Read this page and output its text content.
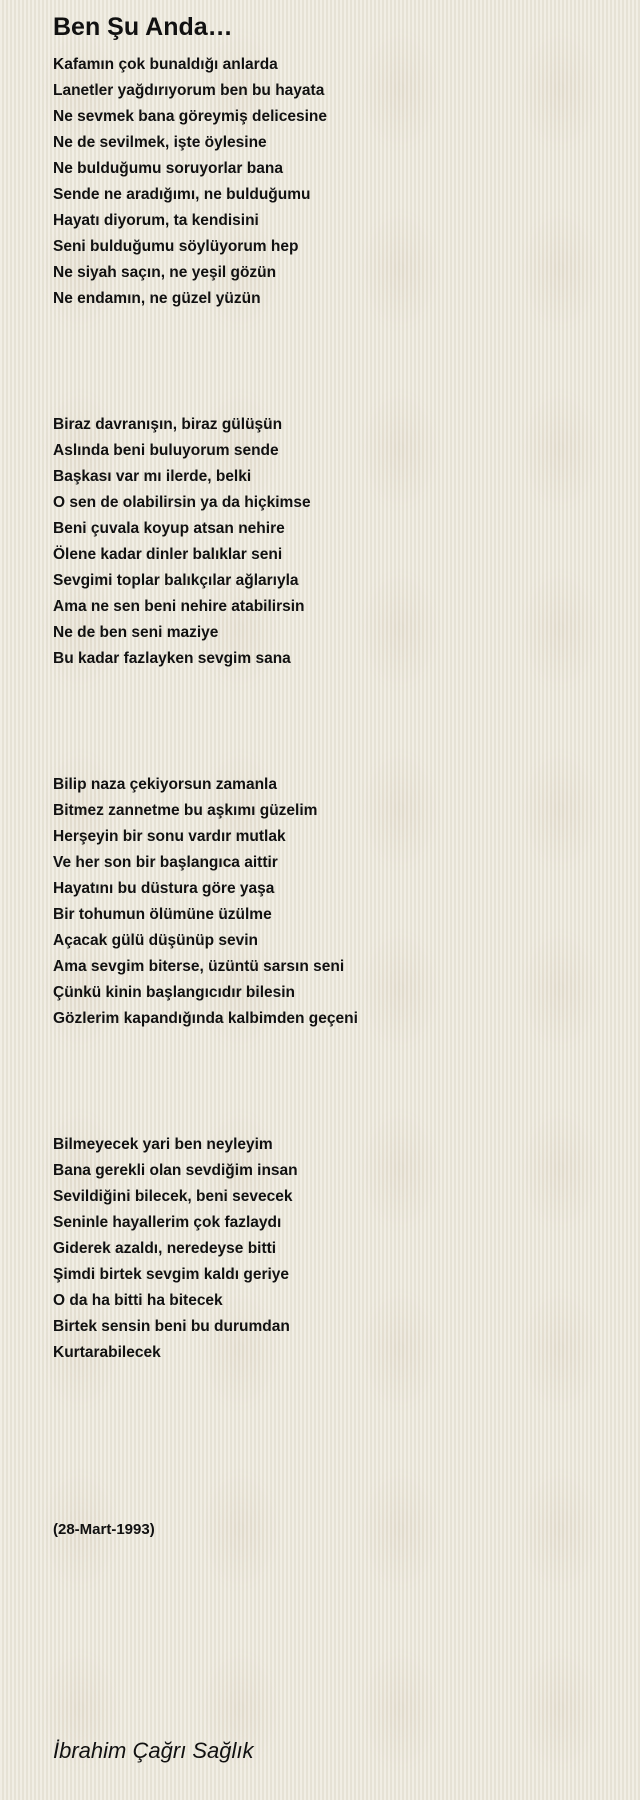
Ben Şu Anda…
Kafamın çok bunaldığı anlarda
Lanetler yağdırıyorum ben bu hayata
Ne sevmek bana göreymiş delicesine
Ne de sevilmek, işte öylesine
Ne bulduğumu soruyorlar bana
Sende ne aradığımı, ne bulduğumu
Hayatı diyorum, ta kendisini
Seni bulduğumu söylüyorum hep
Ne siyah saçın, ne yeşil gözün
Ne endamın, ne güzel yüzün
Biraz davranışın, biraz gülüşün
Aslında beni buluyorum sende
Başkası var mı ilerde, belki
O sen de olabilirsin ya da hiçkimse
Beni çuvala koyup atsan nehire
Ölene kadar dinler balıklar seni
Sevgimi toplar balıkçılar ağlarıyla
Ama ne sen beni nehire atabilirsin
Ne de ben seni maziye
Bu kadar fazlayken sevgim sana
Bilip naza çekiyorsun zamanla
Bitmez zannetme bu aşkımı güzelim
Herşeyin bir sonu vardır mutlak
Ve her son bir başlangıca aittir
Hayatını bu düstura göre yaşa
Bir tohumun ölümüne üzülme
Açacak gülü düşünüp sevin
Ama sevgim biterse, üzüntü sarsın seni
Çünkü kinin başlangıcıdır bilesin
Gözlerim kapandığında kalbimden geçeni
Bilmeyecek yari ben neyleyim
Bana gerekli olan sevdiğim insan
Sevildiğini bilecek, beni sevecek
Seninle hayallerim çok fazlaydı
Giderek azaldı, neredeyse bitti
Şimdi birtek sevgim kaldı geriye
O da ha bitti ha bitecek
Birtek sensin beni bu durumdan
Kurtarabilecek
(28-Mart-1993)
İbrahim Çağrı Sağlık
